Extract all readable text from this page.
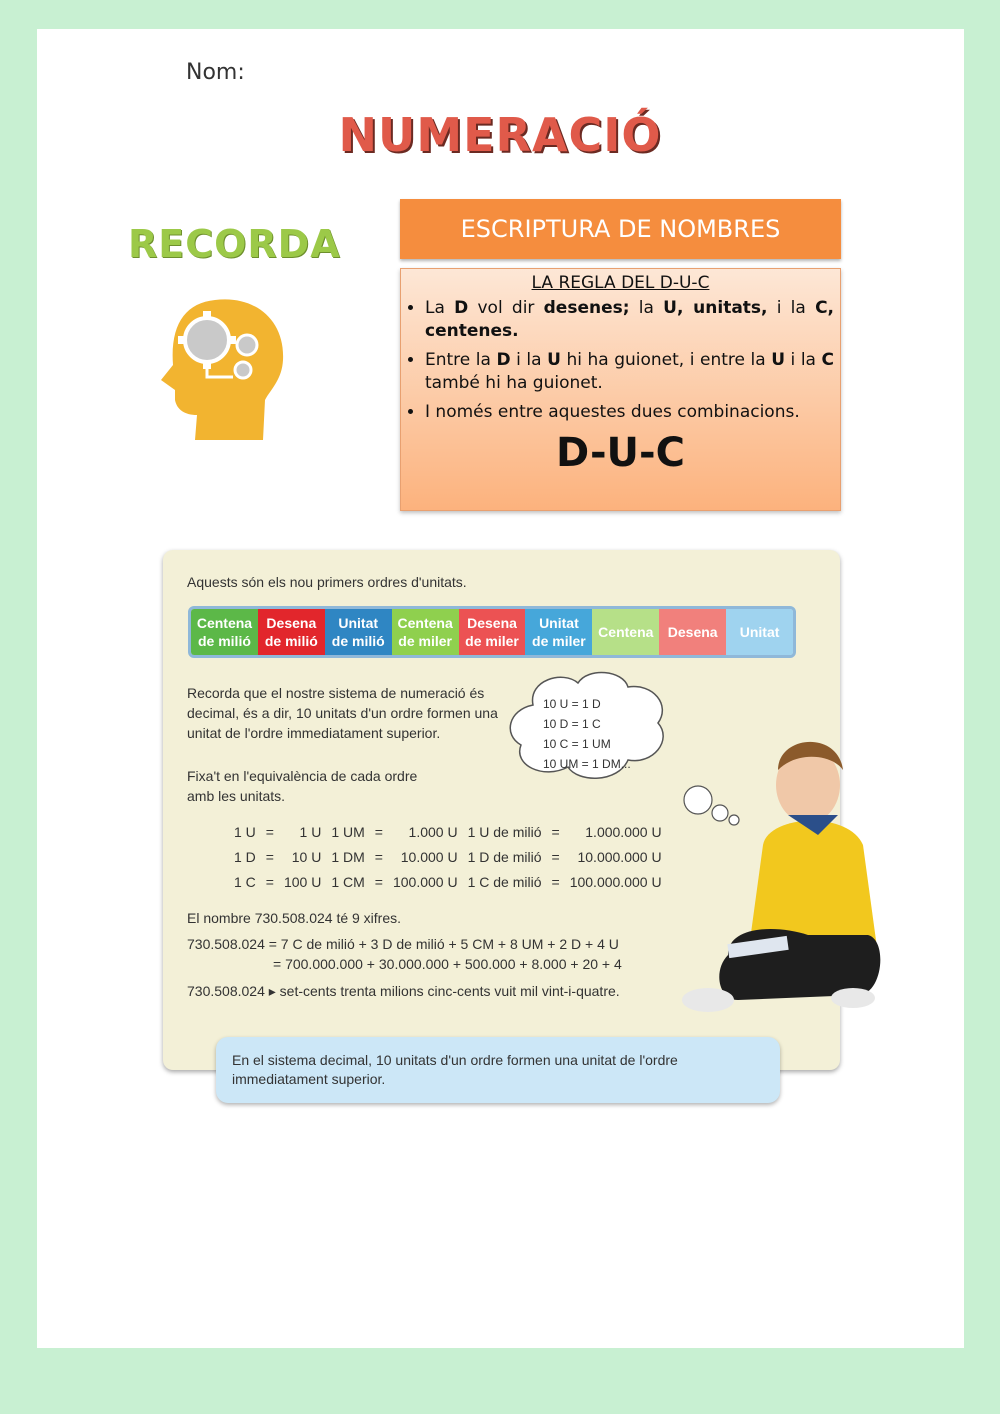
Nom:
NUMERACIÓ
RECORDA	ESCRIPTURA DE NOMBRES
LA REGLA DEL D-U-C
• La D vol dir desenes; la U, unitats, i la C, centenes.
• Entre la D i la U hi ha guionet, i entre la U i la C també hi ha guionet.
• I només entre aquestes dues combinacions.
D-U-C
Aquests són els nou primers ordres d'unitats.
Centena
de milió
Desena
de milió
Unitat
de milió
Centena
de miler
Desena
de miler
Unitat
de miler
Centena	Desena	Unitat
Recorda que el nostre sistema de numeració és decimal, és a dir, 10 unitats d'un ordre formen una unitat de l'ordre immediatament superior.
Fixa't en l'equivalència de cada ordre amb les unitats.
10 U = 1 D
10 D = 1 C
10 C = 1 UM
10 UM = 1 DM...
1 U	=	1 U	1 UM	=	1.000 U	1 U de milió	=	1.000.000 U
1 D	=	10 U	1 DM	=	10.000 U	1 D de milió	=	10.000.000 U
1 C	=	100 U	1 CM	=	100.000 U	1 C de milió	=	100.000.000 U
El nombre 730.508.024 té 9 xifres.
730.508.024 = 7 C de milió + 3 D de milió + 5 CM + 8 UM + 2 D + 4 U
= 700.000.000 + 30.000.000 + 500.000 + 8.000 + 20 + 4
730.508.024 ▸ set-cents trenta milions cinc-cents vuit mil vint-i-quatre.
En el sistema decimal, 10 unitats d'un ordre formen una unitat de l'ordre immediatament superior.
